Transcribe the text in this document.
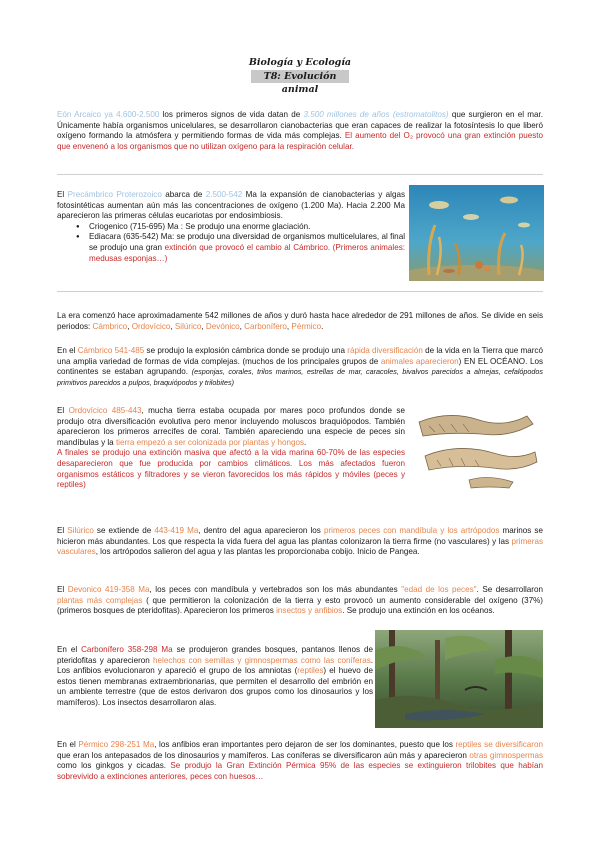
Biología y Ecología
T8: Evolución animal

Eón Arcaico ya 4.600-2.500 los primeros signos de vida datan de 3.500 millones de años (estromatolitos) que surgieron en el mar. Únicamente había organismos unicelulares, se desarrollaron cianobacterias que eran capaces de realizar la fotosíntesis lo que liberó oxígeno formando la atmósfera y permitiendo formas de vida más complejas. El aumento del O₂ provocó una gran extinción puesto que envenenó a los organismos que no utilizan oxígeno para la respiración celular.

El Precámbrico Proterozoico abarca de 2.500-542 Ma la expansión de cianobacterias y algas fotosintéticas aumentan aún más las concentraciones de oxígeno (1.200 Ma). Hacia 2.200 Ma aparecieron las primeras células eucariotas por endosimbiosis.

● Criogenico (715-695) Ma : Se produjo una enorme glaciación.
● Ediacara (635-542) Ma: se produjo una diversidad de organismos multicelulares, al final se produjo una gran extinción que provocó el cambio al Cámbrico. (Primeros animales: medusas esponjas…)

La era comenzó hace aproximadamente 542 millones de años y duró hasta hace alrededor de 291 millones de años. Se divide en seis periodos: Cámbrico, Ordovícico, Silúrico, Devónico, Carbonífero, Pérmico.

En el Cámbrico 541-485 se produjo la explosión cámbrica donde se produjo una rápida diversificación de la vida en la Tierra que marcó una amplia variedad de formas de vida complejas. (muchos de los principales grupos de animales aparecieron) EN EL OCÉANO. Los continentes se estaban agrupando. (esponjas, corales, trilos marinos, estrellas de mar, caracoles, bivalvos parecidos a almejas, cefalópodos primitivos parecidos a pulpos, braquiópodos y trilobites)

El Ordovícico 485-443, mucha tierra estaba ocupada por mares poco profundos donde se produjo otra diversificación evolutiva pero menor incluyendo moluscos braquiópodos. También aparecieron los primeros arrecifes de coral. También apareciendo una especie de peces sin mandíbulas y la tierra empezó a ser colonizada por plantas y hongos.

A finales se produjo una extinción masiva que afectó a la vida marina 60-70% de las especies desaparecieron que fue producida por cambios climáticos. Los más afectados fueron organismos estáticos y filtradores y se vieron favorecidos los más rápidos y móviles (peces y reptiles)

El Silúrico se extiende de 443-419 Ma, dentro del agua aparecieron los primeros peces con mandíbula y los artrópodos marinos se hicieron más abundantes. Los que respecta la vida fuera del agua las plantas colonizaron la tierra firme (no vasculares) y las primeras vasculares, los artrópodos salieron del agua y las plantas les proporcionaba cobijo. Inicio de Pangea.

El Devonico 419-358 Ma, los peces con mandíbula y vertebrados son los más abundantes "edad de los peces". Se desarrollaron plantas más complejas ( que permitieron la colonización de la tierra y esto provocó un aumento considerable del oxígeno (37%) (primeros bosques de pteridofitas). Aparecieron los primeros insectos y anfibios. Se produjo una extinción en los océanos.

En el Carbonífero 358-298 Ma se produjeron grandes bosques, pantanos llenos de pteridofitas y aparecieron helechos con semillas y gimnospermas como las coníferas. Los anfibios evolucionaron y apareció el grupo de los amniotas (reptiles) el huevo de estos tienen membranas extraembrionarias, que permiten el desarrollo del embrión en un ambiente terrestre (que de estos derivaron dos grupos como los dinosaurios y los mamíferos). Los insectos desarrollaron alas.

En el Pérmico 298-251 Ma, los anfibios eran importantes pero dejaron de ser los dominantes, puesto que los reptiles se diversificaron que eran los antepasados de los dinosaurios y mamíferos. Las coníferas se diversificaron aún más y aparecieron otras gimnospermas como los ginkgos y cicadas. Se produjo la Gran Extinción Pérmica 95% de las especies se extinguieron trilobites que habían sobrevivido a extinciones anteriores, peces con huesos…
